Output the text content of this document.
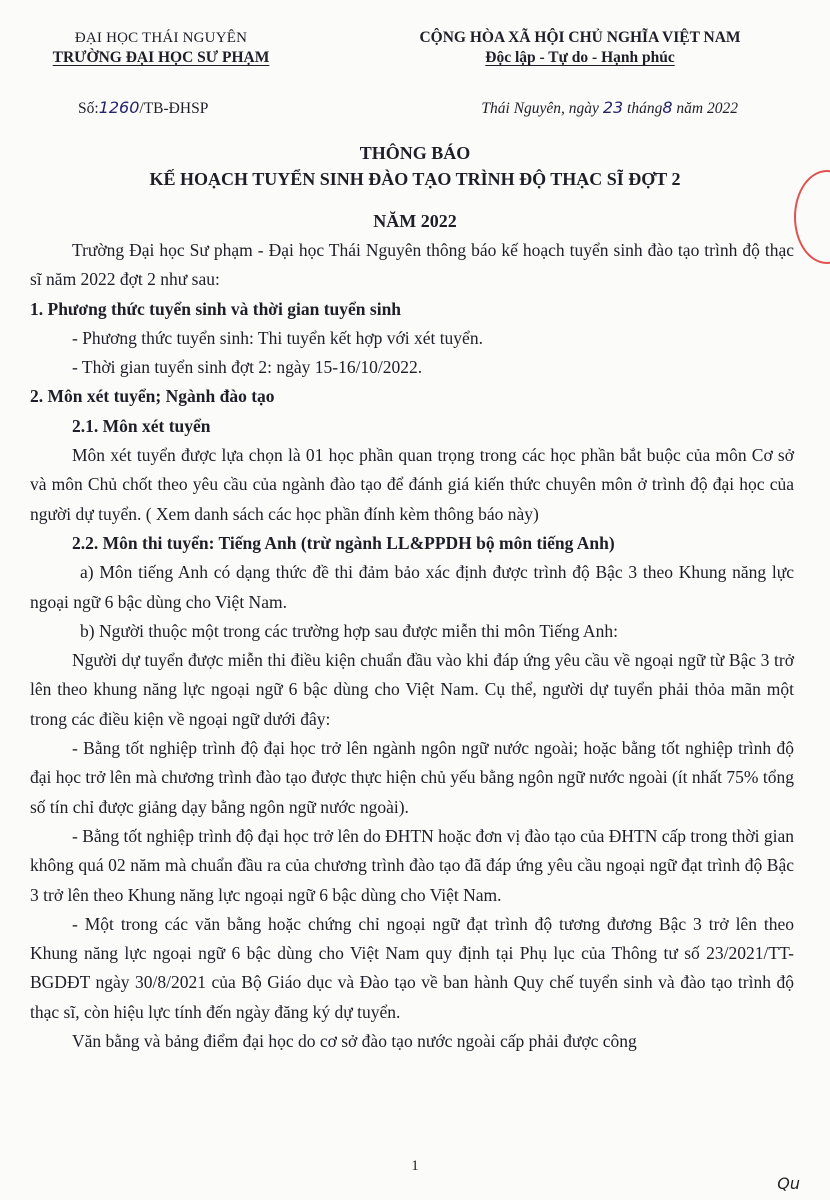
ĐẠI HỌC THÁI NGUYÊN
TRƯỜNG ĐẠI HỌC SƯ PHẠM
CỘNG HÒA XÃ HỘI CHỦ NGHĨA VIỆT NAM
Độc lập - Tự do - Hạnh phúc
Số:1260/TB-ĐHSP	Thái Nguyên, ngày 23 tháng8 năm 2022
THÔNG BÁO
KẾ HOẠCH TUYỂN SINH ĐÀO TẠO TRÌNH ĐỘ THẠC SĨ ĐỢT 2
NĂM 2022

Trường Đại học Sư phạm - Đại học Thái Nguyên thông báo kế hoạch tuyển sinh đào tạo trình độ thạc sĩ năm 2022 đợt 2 như sau:

1. Phương thức tuyển sinh và thời gian tuyển sinh

- Phương thức tuyển sinh: Thi tuyển kết hợp với xét tuyển.

- Thời gian tuyển sinh đợt 2: ngày 15-16/10/2022.

2. Môn xét tuyển; Ngành đào tạo

2.1. Môn xét tuyển

Môn xét tuyển được lựa chọn là 01 học phần quan trọng trong các học phần bắt buộc của môn Cơ sở và môn Chủ chốt theo yêu cầu của ngành đào tạo để đánh giá kiến thức chuyên môn ở trình độ đại học của người dự tuyển. ( Xem danh sách các học phần đính kèm thông báo này)

2.2. Môn thi tuyển: Tiếng Anh (trừ ngành LL&PPDH bộ môn tiếng Anh)

a) Môn tiếng Anh có dạng thức đề thi đảm bảo xác định được trình độ Bậc 3 theo Khung năng lực ngoại ngữ 6 bậc dùng cho Việt Nam.

b) Người thuộc một trong các trường hợp sau được miễn thi môn Tiếng Anh:

Người dự tuyển được miễn thi điều kiện chuẩn đầu vào khi đáp ứng yêu cầu về ngoại ngữ từ Bậc 3 trở lên theo khung năng lực ngoại ngữ 6 bậc dùng cho Việt Nam. Cụ thể, người dự tuyển phải thỏa mãn một trong các điều kiện về ngoại ngữ dưới đây:

- Bằng tốt nghiệp trình độ đại học trở lên ngành ngôn ngữ nước ngoài; hoặc bằng tốt nghiệp trình độ đại học trở lên mà chương trình đào tạo được thực hiện chủ yếu bằng ngôn ngữ nước ngoài (ít nhất 75% tổng số tín chỉ được giảng dạy bằng ngôn ngữ nước ngoài).

- Bằng tốt nghiệp trình độ đại học trở lên do ĐHTN hoặc đơn vị đào tạo của ĐHTN cấp trong thời gian không quá 02 năm mà chuẩn đầu ra của chương trình đào tạo đã đáp ứng yêu cầu ngoại ngữ đạt trình độ Bậc 3 trở lên theo Khung năng lực ngoại ngữ 6 bậc dùng cho Việt Nam.

- Một trong các văn bằng hoặc chứng chỉ ngoại ngữ đạt trình độ tương đương Bậc 3 trở lên theo Khung năng lực ngoại ngữ 6 bậc dùng cho Việt Nam quy định tại Phụ lục của Thông tư số 23/2021/TT-BGDĐT ngày 30/8/2021 của Bộ Giáo dục và Đào tạo về ban hành Quy chế tuyển sinh và đào tạo trình độ thạc sĩ, còn hiệu lực tính đến ngày đăng ký dự tuyển.

Văn bằng và bảng điểm đại học do cơ sở đào tạo nước ngoài cấp phải được công

1
Qu
